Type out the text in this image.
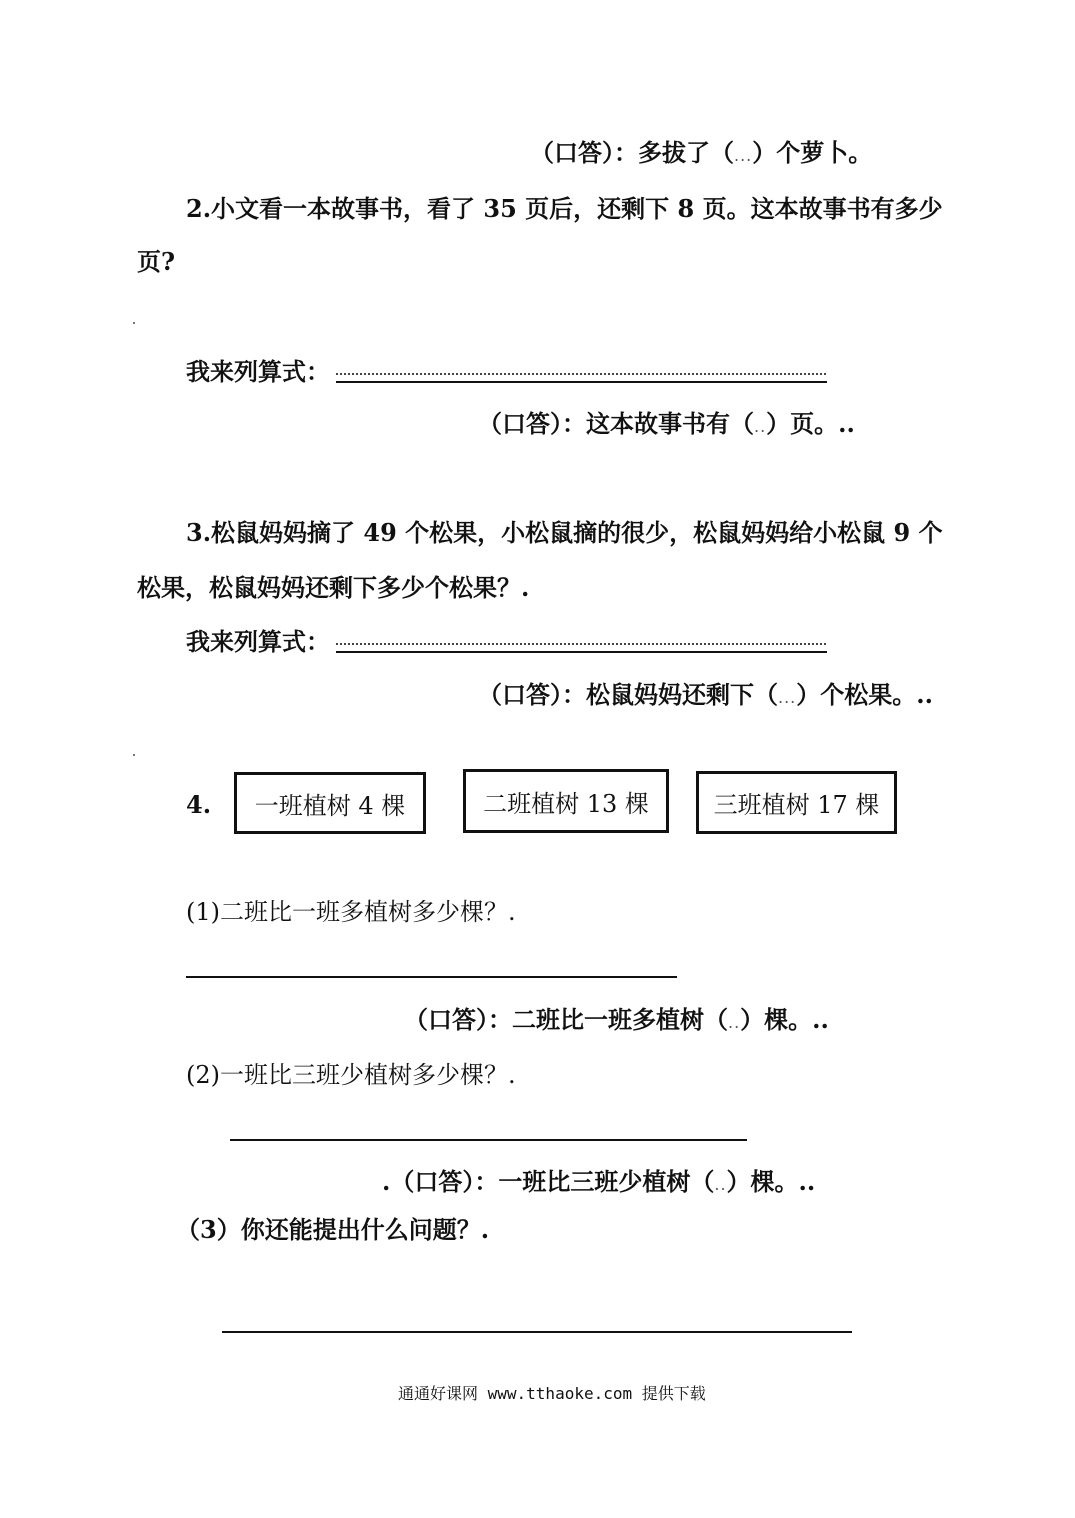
（口答）：多拔了（...）个萝卜。
2.小文看一本故事书，看了 35 页后，还剩下 8 页。这本故事书有多少
页?
我来列算式：
（口答）：这本故事书有（..）页。..
3.松鼠妈妈摘了 49 个松果，小松鼠摘的很少，松鼠妈妈给小松鼠 9 个
松果，松鼠妈妈还剩下多少个松果？.
我来列算式：
（口答）：松鼠妈妈还剩下（...）个松果。..
4.	一班植树 4 棵	二班植树 13 棵	三班植树 17 棵
(1)二班比一班多植树多少棵？.
（口答）：二班比一班多植树（..）棵。..
(2)一班比三班少植树多少棵？.
.（口答）：一班比三班少植树（..）棵。..
（3）你还能提出什么问题？.
通通好课网 www.tthaoke.com 提供下载
